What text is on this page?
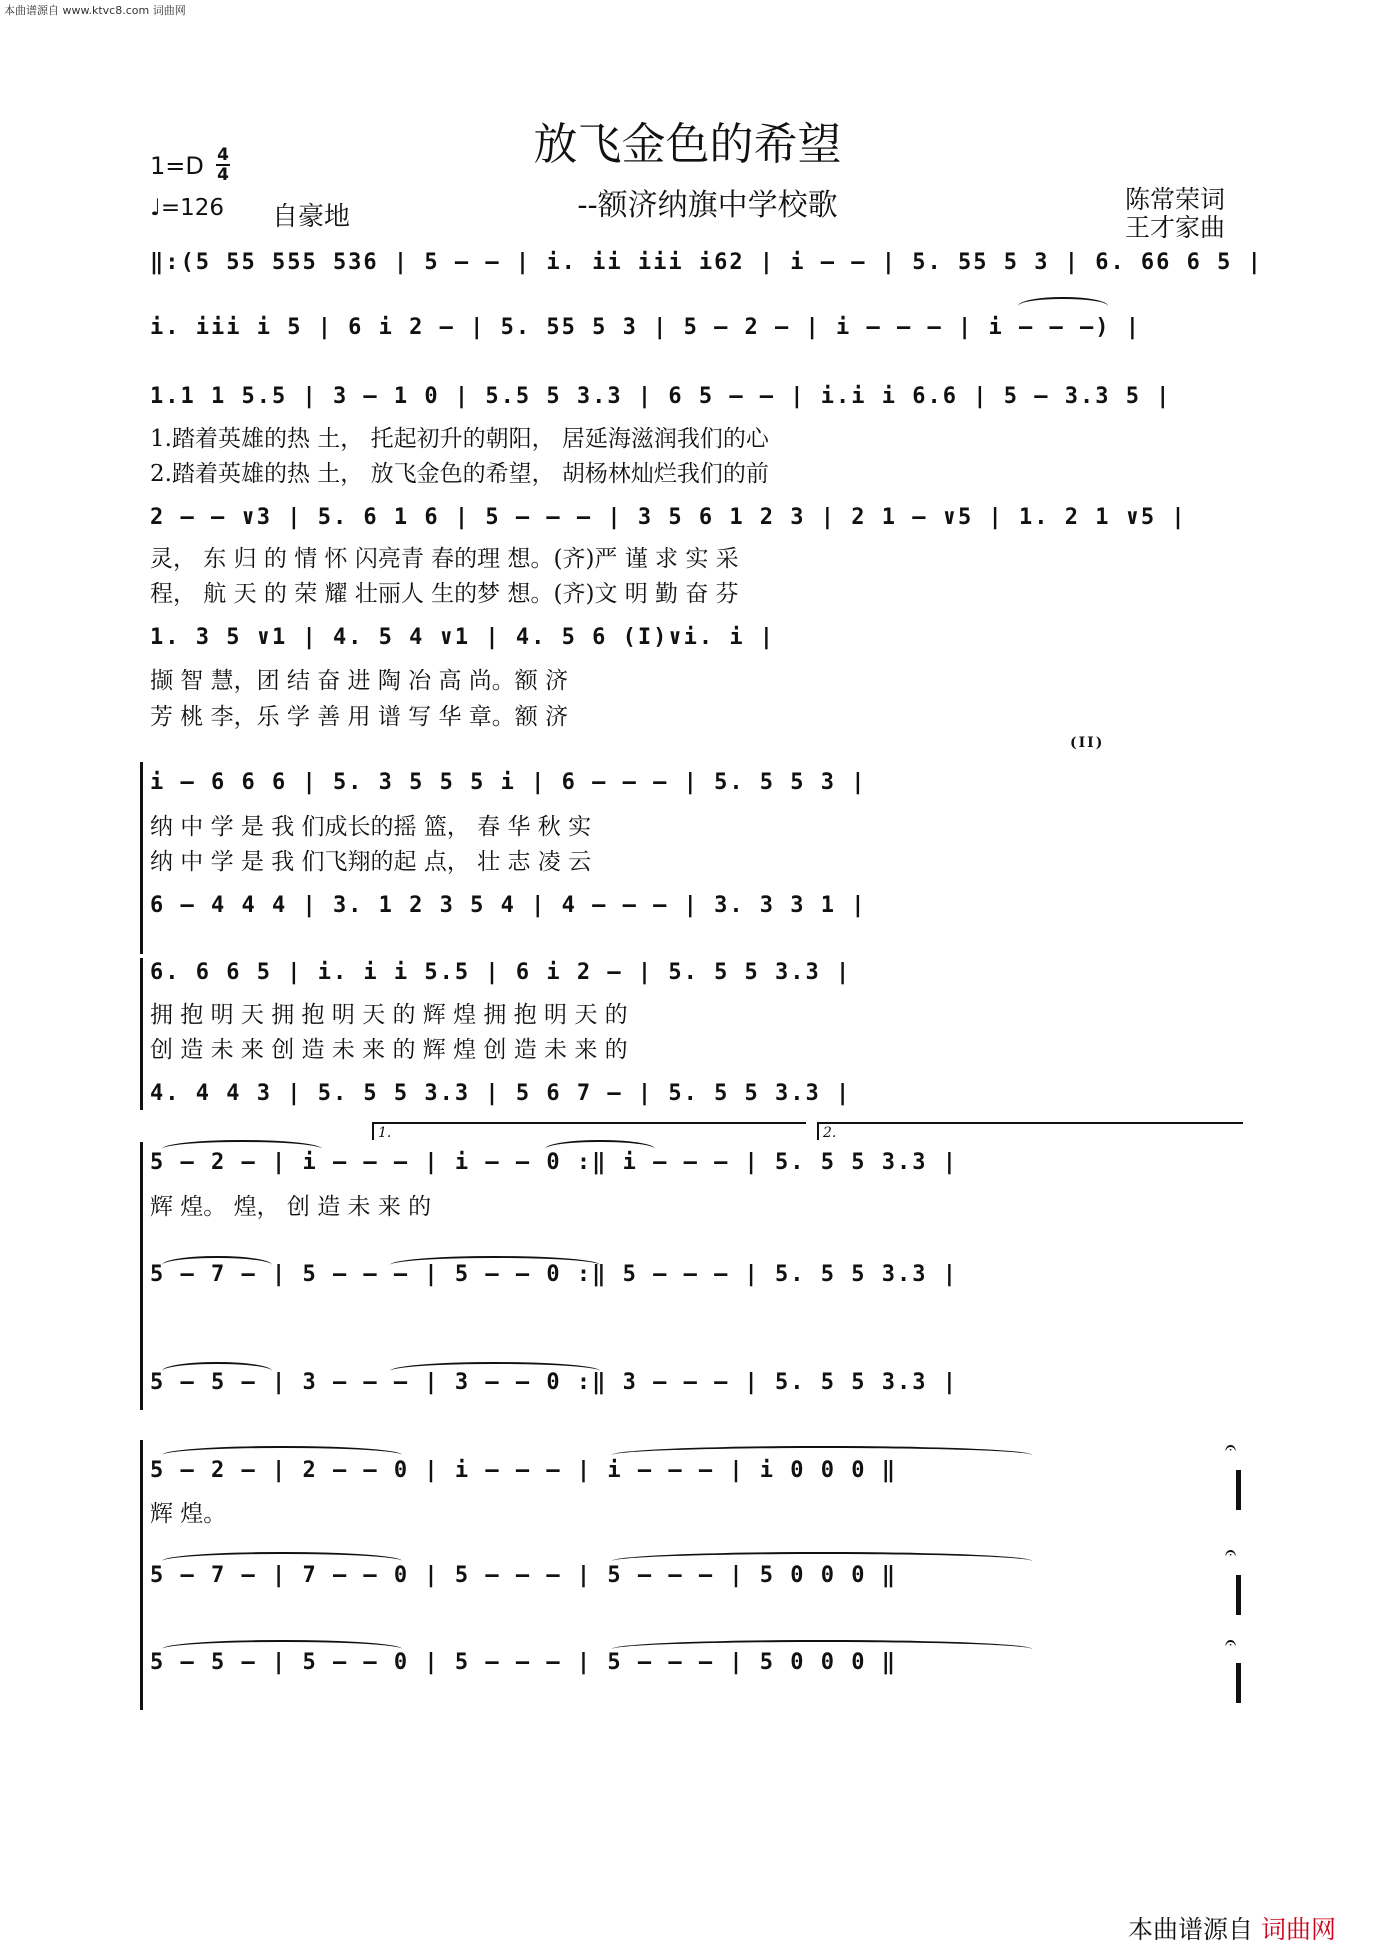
本曲谱源自 www.ktvc8.com 词曲网
放飞金色的希望
--额济纳旗中学校歌
1=D 4
4
♩=126 自豪地
陈常荣词
王才家曲
‖:(5 55 555 536 | 5 — — | i. ii iii i62 | i — — | 5. 55 5 3 | 6. 66 6 5 |
i. iii i 5 | 6 i 2 — | 5. 55 5 3 | 5 — 2 — | i — — — | i — — —) |
1.1 1 5.5 | 3 — 1 0 | 5.5 5 3.3 | 6 5 — — | i.i i 6.6 | 5 — 3.3 5 |
1.踏着英雄的热 土， 托起初升的朝阳， 居延海滋润我们的心
2.踏着英雄的热 土， 放飞金色的希望， 胡杨林灿烂我们的前
2 — — ∨3 | 5. 6 1 6 | 5 — — — | 3 5 6 1 2 3 | 2 1 — ∨5 | 1. 2 1 ∨5 |
灵， 东 归 的 情 怀 闪亮青 春的理 想。(齐)严 谨 求 实 采
程， 航 天 的 荣 耀 壮丽人 生的梦 想。(齐)文 明 勤 奋 芬
1. 3 5 ∨1 | 4. 5 4 ∨1 | 4. 5 6 (I)∨i. i |
撷 智 慧，团 结 奋 进 陶 冶 高 尚。额 济
芳 桃 李，乐 学 善 用 谱 写 华 章。额 济
(II)
i — 6 6 6 | 5. 3 5 5 5 i | 6 — — — | 5. 5 5 3 |
纳 中 学 是 我 们成长的摇 篮， 春 华 秋 实
纳 中 学 是 我 们飞翔的起 点， 壮 志 凌 云
6 — 4 4 4 | 3. 1 2 3 5 4 | 4 — — — | 3. 3 3 1 |
6. 6 6 5 | i. i i 5.5 | 6 i 2 — | 5. 5 5 3.3 |
拥 抱 明 天 拥 抱 明 天 的 辉 煌 拥 抱 明 天 的
创 造 未 来 创 造 未 来 的 辉 煌 创 造 未 来 的
4. 4 4 3 | 5. 5 5 3.3 | 5 6 7 — | 5. 5 5 3.3 |
5 — 2 — | i — — — | i — — 0 :‖ i — — — | 5. 5 5 3.3 |
辉 煌。 煌， 创 造 未 来 的
5 — 7 — | 5 — — — | 5 — — 0 :‖ 5 — — — | 5. 5 5 3.3 |
5 — 5 — | 3 — — — | 3 — — 0 :‖ 3 — — — | 5. 5 5 3.3 |
5 — 2 — | 2 — — 0 | i — — — | i — — — | i 0 0 0 ‖
辉 煌。
5 — 7 — | 7 — — 0 | 5 — — — | 5 — — — | 5 0 0 0 ‖
5 — 5 — | 5 — — 0 | 5 — — — | 5 — — — | 5 0 0 0 ‖
1.	2.
𝄐
𝄐
𝄐
本曲谱源自 词曲网
